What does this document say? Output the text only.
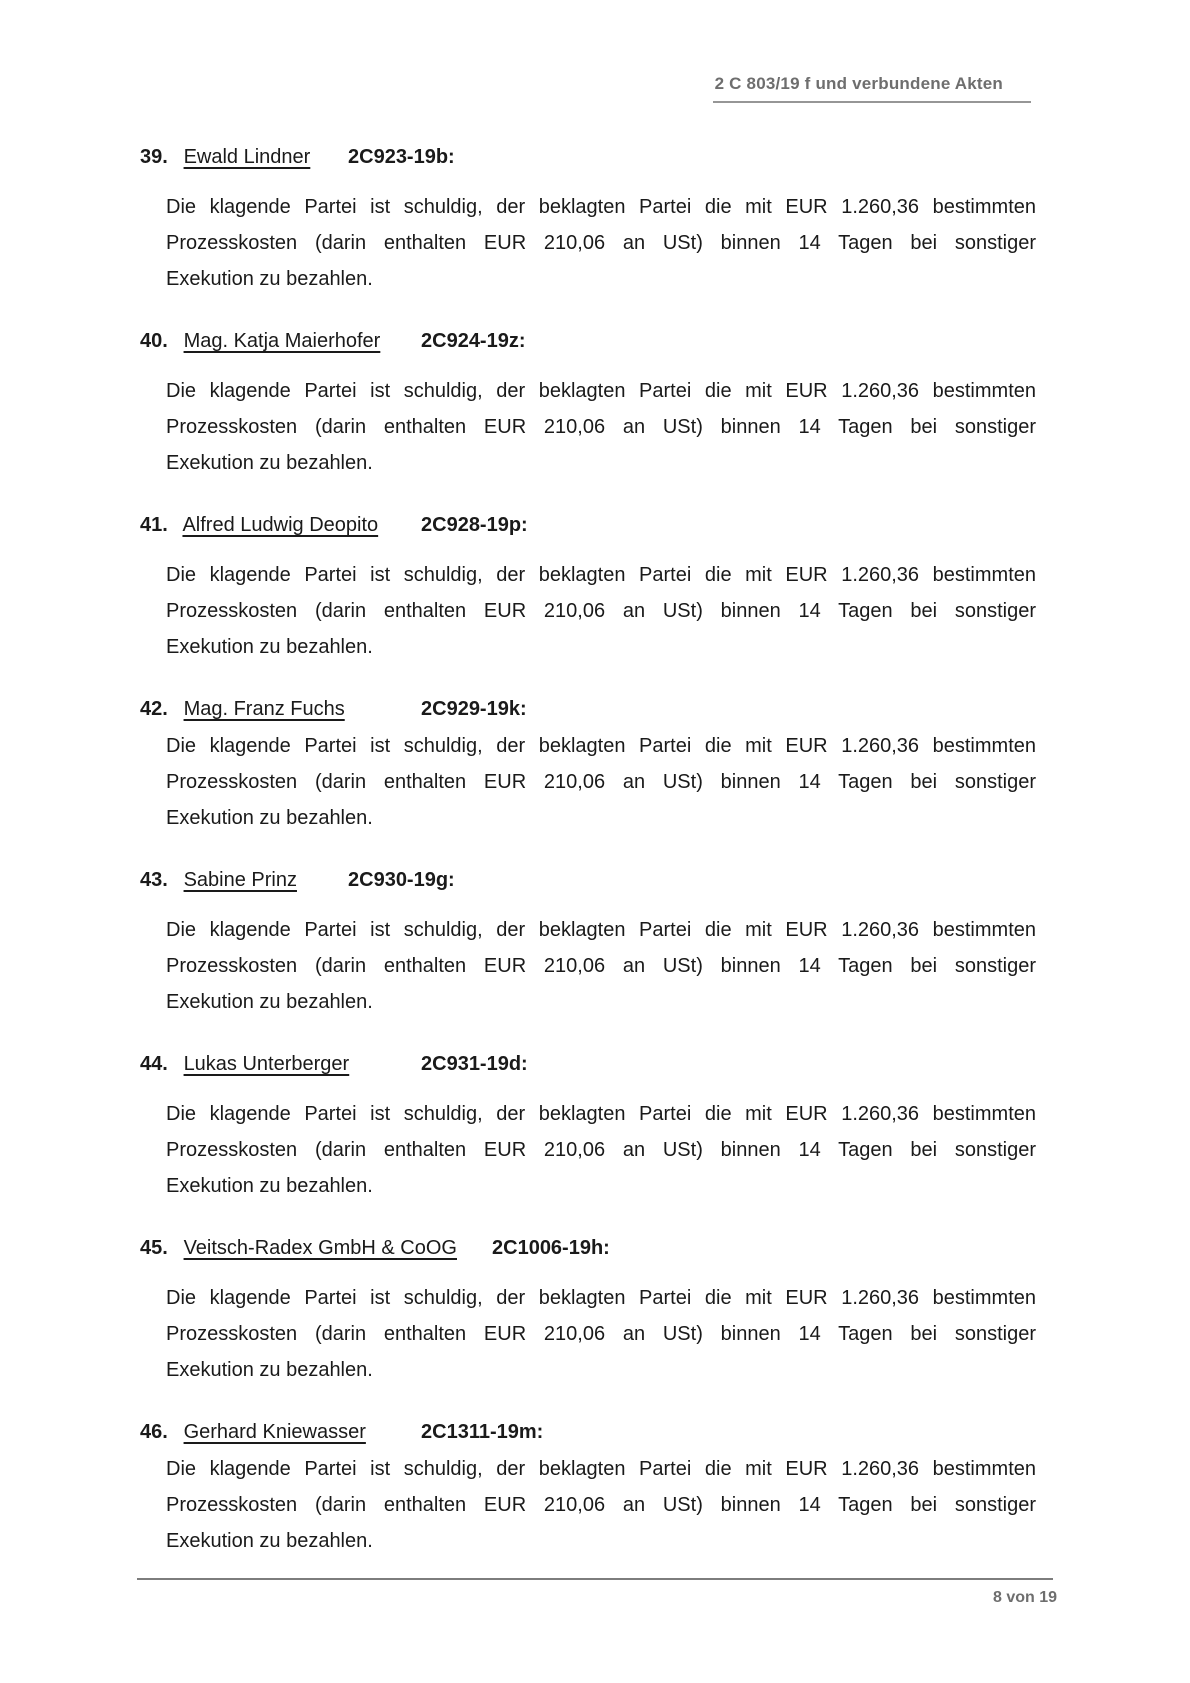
2 C 803/19 f und verbundene Akten
39. Ewald Lindner	2C923-19b:
Die klagende Partei ist schuldig, der beklagten Partei die mit EUR 1.260,36 bestimmten
Prozesskosten (darin enthalten EUR 210,06 an USt) binnen 14 Tagen bei sonstiger
Exekution zu bezahlen.
40. Mag. Katja Maierhofer	2C924-19z:
Die klagende Partei ist schuldig, der beklagten Partei die mit EUR 1.260,36 bestimmten
Prozesskosten (darin enthalten EUR 210,06 an USt) binnen 14 Tagen bei sonstiger
Exekution zu bezahlen.
41. Alfred Ludwig Deopito	2C928-19p:
Die klagende Partei ist schuldig, der beklagten Partei die mit EUR 1.260,36 bestimmten
Prozesskosten (darin enthalten EUR 210,06 an USt) binnen 14 Tagen bei sonstiger
Exekution zu bezahlen.
42. Mag. Franz Fuchs	2C929-19k:
Die klagende Partei ist schuldig, der beklagten Partei die mit EUR 1.260,36 bestimmten
Prozesskosten (darin enthalten EUR 210,06 an USt) binnen 14 Tagen bei sonstiger
Exekution zu bezahlen.
43. Sabine Prinz	2C930-19g:
Die klagende Partei ist schuldig, der beklagten Partei die mit EUR 1.260,36 bestimmten
Prozesskosten (darin enthalten EUR 210,06 an USt) binnen 14 Tagen bei sonstiger
Exekution zu bezahlen.
44. Lukas Unterberger	2C931-19d:
Die klagende Partei ist schuldig, der beklagten Partei die mit EUR 1.260,36 bestimmten
Prozesskosten (darin enthalten EUR 210,06 an USt) binnen 14 Tagen bei sonstiger
Exekution zu bezahlen.
45. Veitsch-Radex GmbH & CoOG	2C1006-19h:
Die klagende Partei ist schuldig, der beklagten Partei die mit EUR 1.260,36 bestimmten
Prozesskosten (darin enthalten EUR 210,06 an USt) binnen 14 Tagen bei sonstiger
Exekution zu bezahlen.
46. Gerhard Kniewasser	2C1311-19m:
Die klagende Partei ist schuldig, der beklagten Partei die mit EUR 1.260,36 bestimmten
Prozesskosten (darin enthalten EUR 210,06 an USt) binnen 14 Tagen bei sonstiger
Exekution zu bezahlen.
8 von 19
